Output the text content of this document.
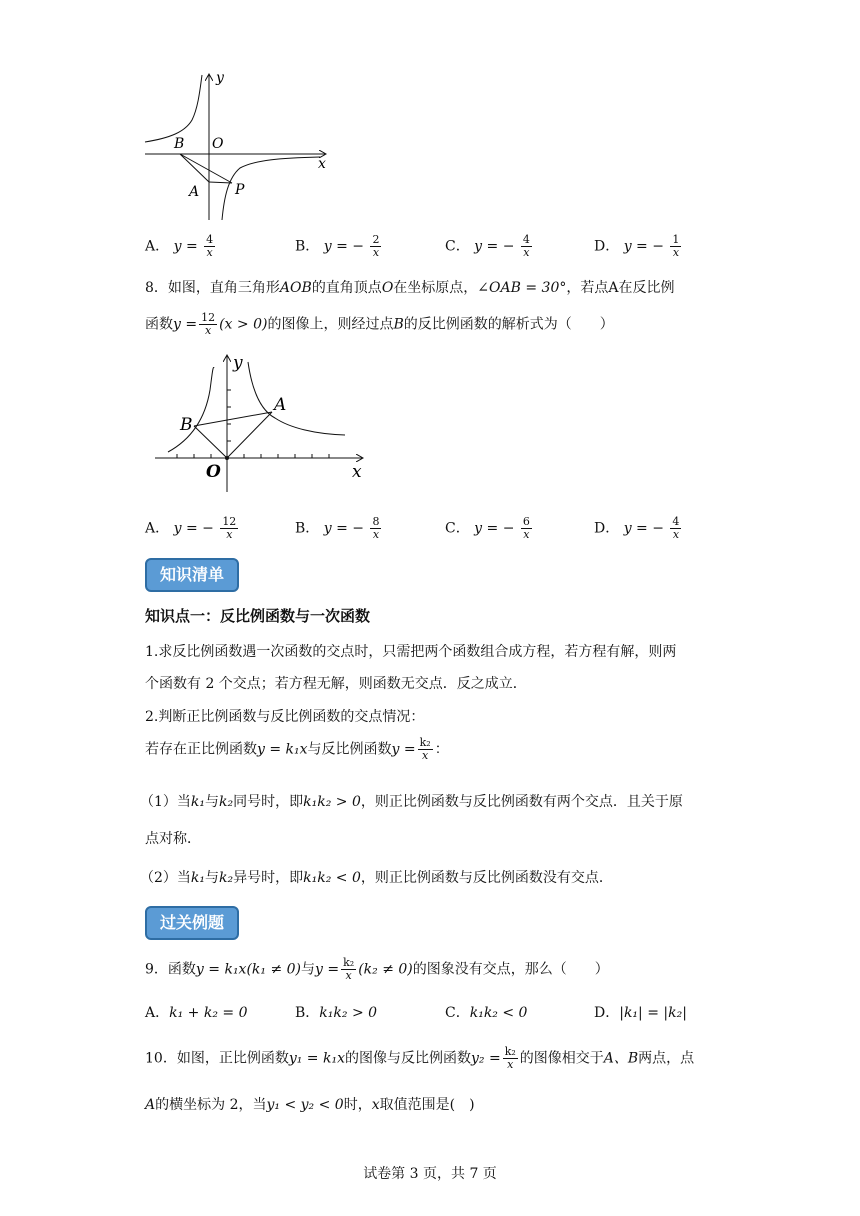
y
x
O
B
A	P
A． $y = \frac{4}{x}$	B． y = − $\frac{2}{x}$	C． y = − $\frac{4}{x}$	D． y = − $\frac{1}{x}$
8．如图，直角三角形AOB的直角顶点O在坐标原点，∠OAB = 30°，若点A在反比例
函数$y = \frac{12}{x} (x > 0)$的图像上，则经过点B的反比例函数的解析式为（　　）
y
x
O
B
A
A． y = − $\frac{12}{x}$	B． y = − $\frac{8}{x}$	C． y = − $\frac{6}{x}$	D． y = − $\frac{4}{x}$
知识清单
知识点一：反比例函数与一次函数
1.求反比例函数遇一次函数的交点时，只需把两个函数组合成方程，若方程有解，则两
个函数有 2 个交点；若方程无解，则函数无交点．反之成立．
2.判断正比例函数与反比例函数的交点情况：
若存在正比例函数y = k₁x与反比例函数$y = \frac{\text{k₂}}{x}$ ：
（1）当k₁与k₂同号时，即k₁k₂ > 0，则正比例函数与反比例函数有两个交点．且关于原
点对称．
（2）当k₁与k₂异号时，即k₁k₂ < 0，则正比例函数与反比例函数没有交点．
过关例题
9．函数y = k₁x(k₁ ≠ 0)与$y = \frac{\text{k₂}}{x} (k_2 \ne 0)$的图象没有交点，那么（　　）
A．k₁ + k₂ = 0	B．k₁k₂ > 0	C．k₁k₂ < 0	D．|k₁| = |k₂|
10．如图，正比例函数y₁ = k₁x的图像与反比例函数$y_2 = \frac{\text{k₂}}{x}$ 的图像相交于A、B两点，点
A的横坐标为 2，当y₁ < y₂ < 0时，x取值范围是(　)
试卷第 3 页，共 7 页
